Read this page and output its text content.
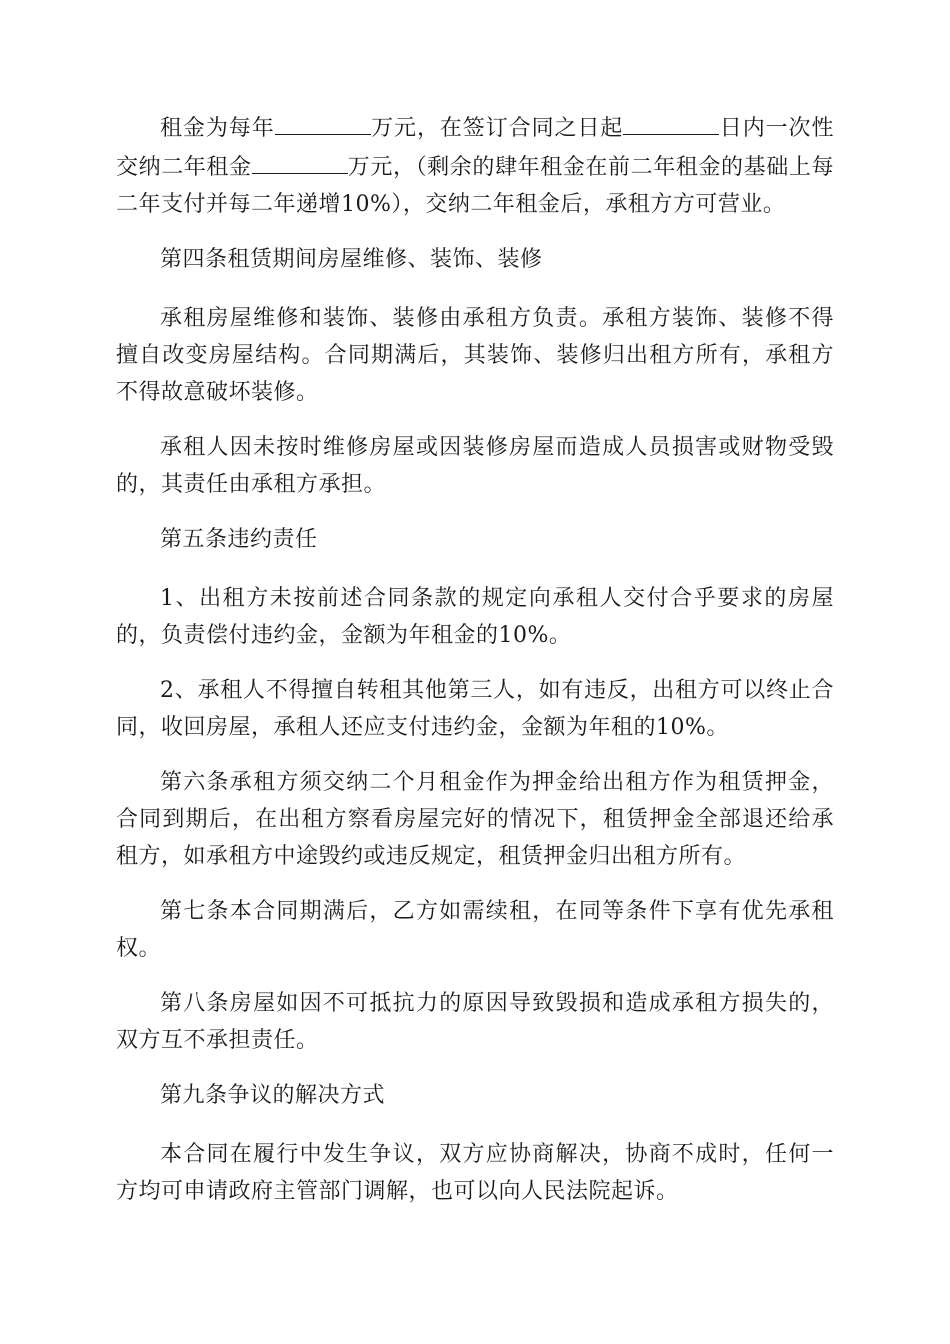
租金为每年	万元，在签订合同之日起	日内一次性交纳二年租金	万元，（剩余的肆年租金在前二年租金的基础上每二年支付并每二年递增10%），交纳二年租金后，承租方方可营业。

第四条租赁期间房屋维修、装饰、装修

承租房屋维修和装饰、装修由承租方负责。承租方装饰、装修不得擅自改变房屋结构。合同期满后，其装饰、装修归出租方所有，承租方不得故意破坏装修。

承租人因未按时维修房屋或因装修房屋而造成人员损害或财物受毁的，其责任由承租方承担。

第五条违约责任

1、出租方未按前述合同条款的规定向承租人交付合乎要求的房屋的，负责偿付违约金，金额为年租金的10%。

2、承租人不得擅自转租其他第三人，如有违反，出租方可以终止合同，收回房屋，承租人还应支付违约金，金额为年租的10%。

第六条承租方须交纳二个月租金作为押金给出租方作为租赁押金，合同到期后，在出租方察看房屋完好的情况下，租赁押金全部退还给承租方，如承租方中途毁约或违反规定，租赁押金归出租方所有。

第七条本合同期满后，乙方如需续租，在同等条件下享有优先承租权。

第八条房屋如因不可抵抗力的原因导致毁损和造成承租方损失的，双方互不承担责任。

第九条争议的解决方式

本合同在履行中发生争议，双方应协商解决，协商不成时，任何一方均可申请政府主管部门调解，也可以向人民法院起诉。
